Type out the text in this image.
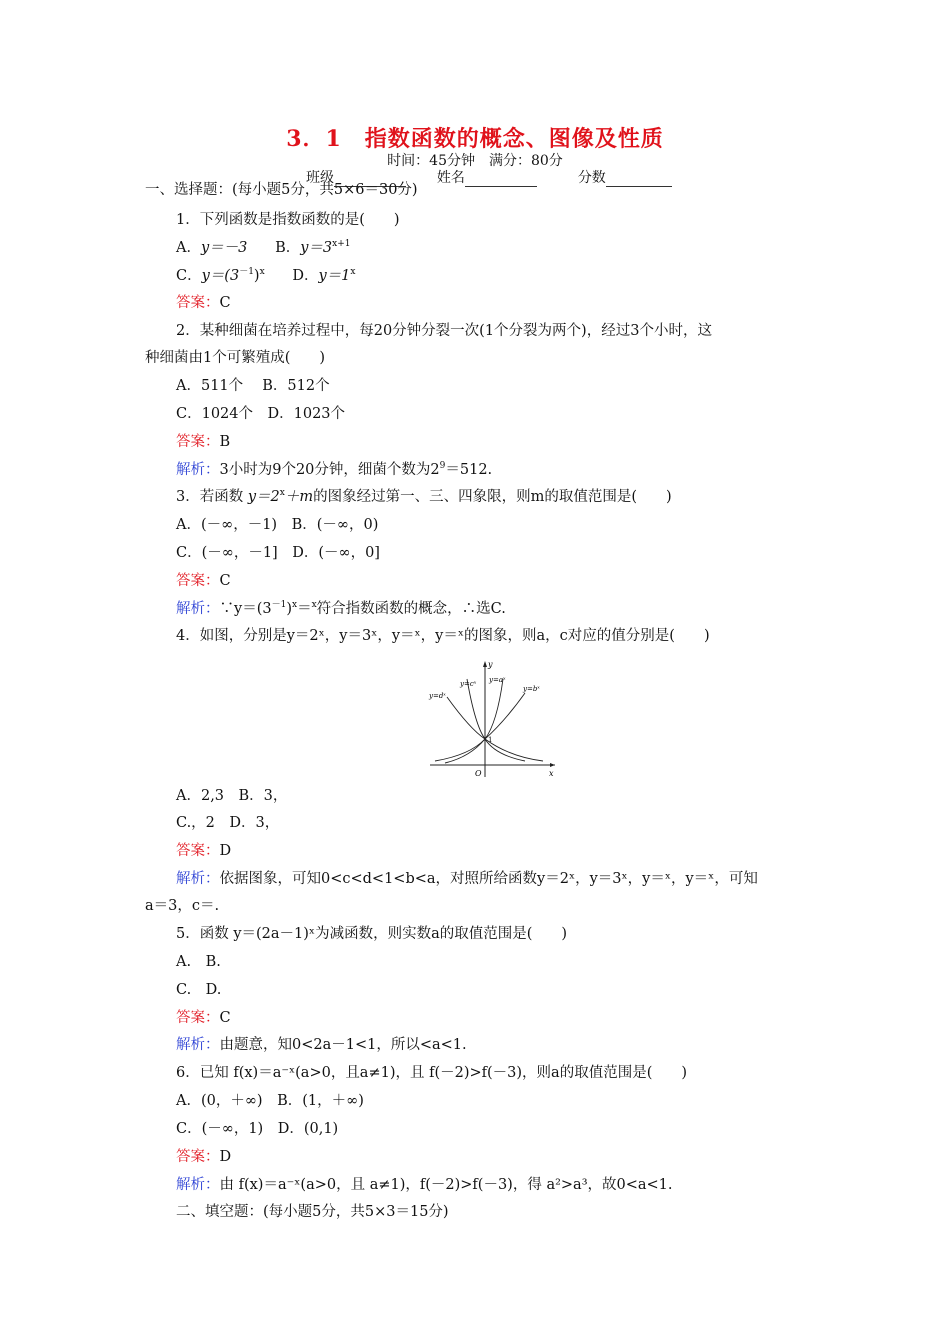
3．1　指数函数的概念、图像及性质
时间：45分钟　满分：80分
班级	姓名	分数
一、选择题：(每小题5分，共5×6＝30分)
1．下列函数是指数函数的是(　　)
A．y＝－3 B．$y=3^{x+1}$
C．$y=(3^{-1})^x$ D．$y=1^x$
答案：C
2．某种细菌在培养过程中，每20分钟分裂一次(1个分裂为两个)，经过3个小时，这
种细菌由1个可繁殖成(　　)
A．511个　 B．512个
C．1024个　D．1023个
答案：B
解析：3小时为9个20分钟，细菌个数为$2^9=512$.
3．若函数 $y=2^x+m$的图象经过第一、三、四象限，则m的取值范围是(　　)
A．(－∞，－1)　B．(－∞，0)
C．(－∞，－1]　D．(－∞，0]
答案：C
解析：$\because y=(3^{-1})^x=^x$符合指数函数的概念，∴选C.
4．如图，分别是y＝2ˣ，y＝3ˣ，y＝ˣ，y＝ˣ的图象，则a，c对应的值分别是(　　)
y
x
O
1
y=dˣ
y=cˣ y=aˣ
y=bˣ
A．2,3　B．3，
C.，2　D．3，
答案：D
解析：依据图象，可知0<c<d<1<b<a，对照所给函数y＝2ˣ，y＝3ˣ，y＝ˣ，y＝ˣ，可知
a＝3，c＝.
5．函数 y＝(2a－1)ˣ为减函数，则实数a的取值范围是(　　)
A.　B.
C.　D.
答案：C
解析：由题意，知0<2a－1<1，所以<a<1.
6．已知 f(x)＝a⁻ˣ(a>0，且a≠1)，且 f(－2)>f(－3)，则a的取值范围是(　　)
A．(0，＋∞)　B．(1，＋∞)
C．(－∞，1)　D．(0,1)
答案：D
解析：由 f(x)＝a⁻ˣ(a>0，且 a≠1)，f(－2)>f(－3)，得 a²>a³，故0<a<1.
二、填空题：(每小题5分，共5×3＝15分)
